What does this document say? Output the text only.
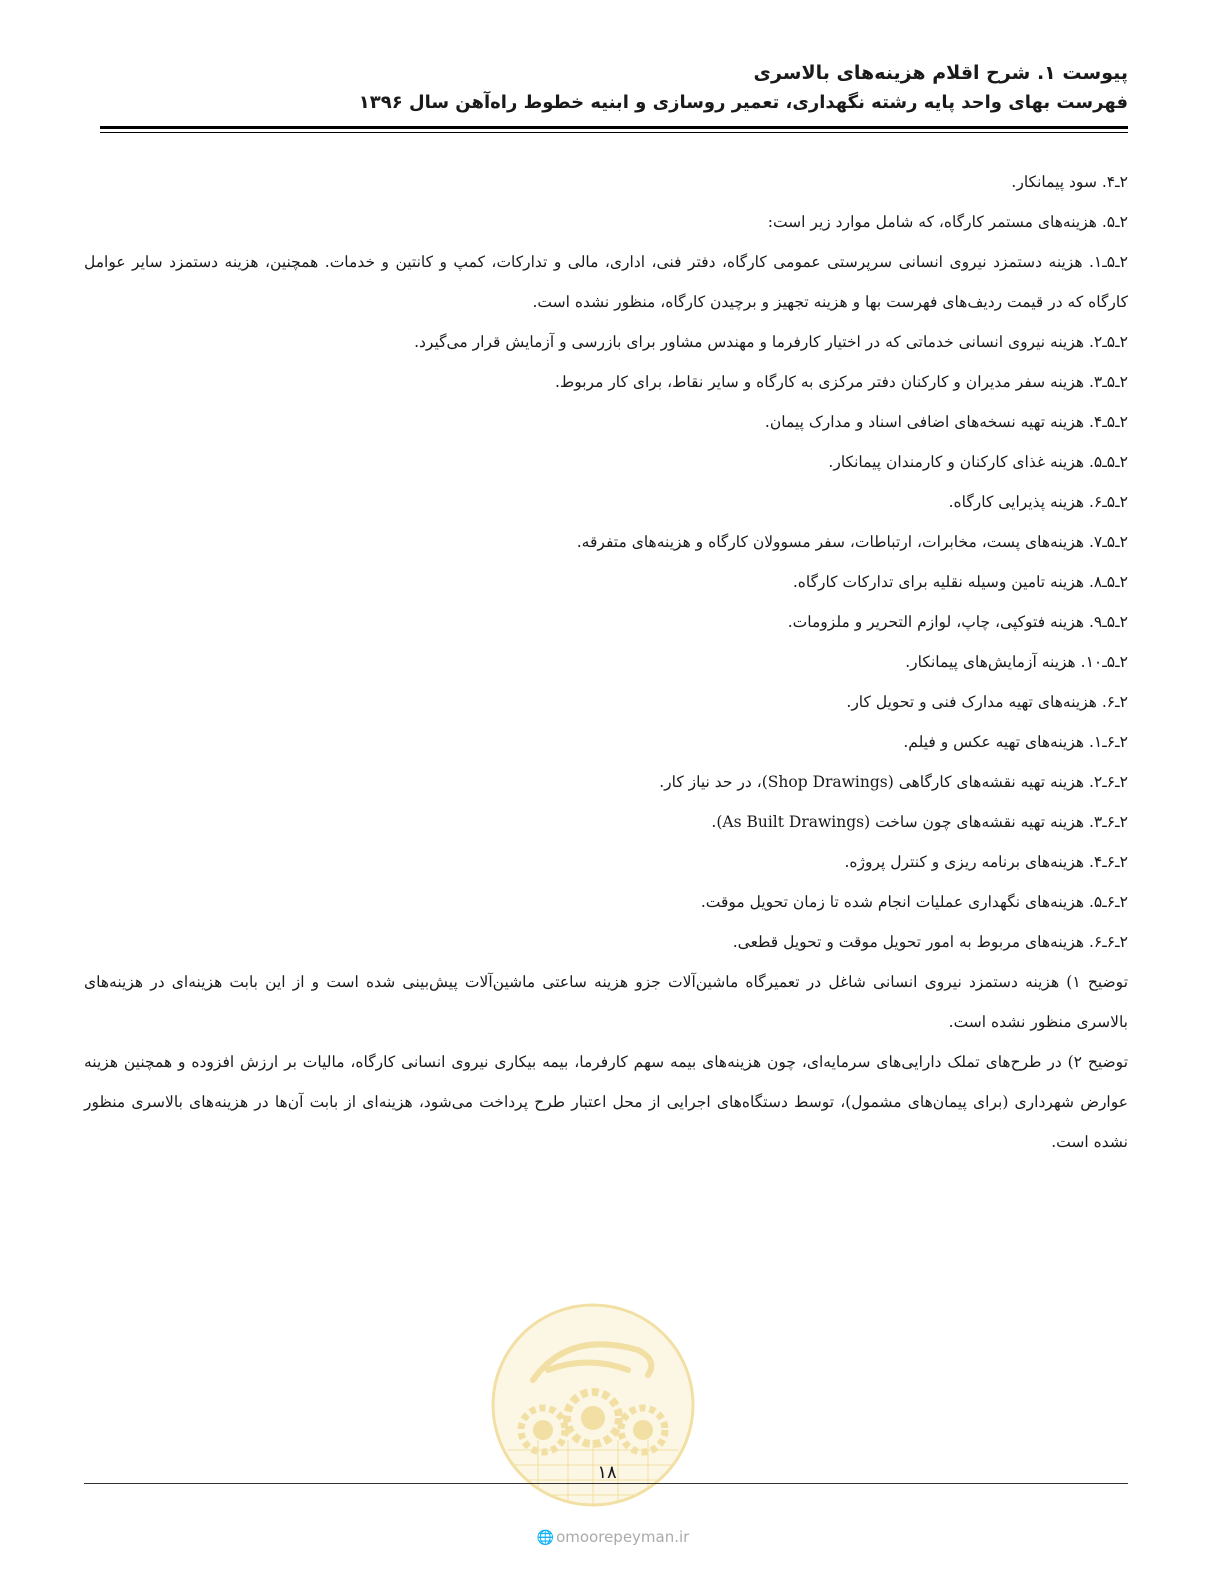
پیوست ۱. شرح اقلام هزینه‌های بالاسری
فهرست بهای واحد پایه رشته نگهداری، تعمیر روسازی و ابنیه خطوط راه‌آهن سال ۱۳۹۶
۲ـ۴. سود پیمانکار.
۲ـ۵. هزینه‌های مستمر کارگاه، که شامل موارد زیر است:
۲ـ۵ـ۱. هزینه دستمزد نیروی انسانی سرپرستی عمومی کارگاه، دفتر فنی، اداری، مالی و تدارکات، کمپ و کانتین و خدمات. همچنین، هزینه دستمزد سایر عوامل کارگاه که در قیمت ردیف‌های فهرست بها و هزینه تجهیز و برچیدن کارگاه، منظور نشده است.
۲ـ۵ـ۲. هزینه نیروی انسانی خدماتی که در اختیار کارفرما و مهندس مشاور برای بازرسی و آزمایش قرار می‌گیرد.
۲ـ۵ـ۳. هزینه سفر مدیران و کارکنان دفتر مرکزی به کارگاه و سایر نقاط، برای کار مربوط.
۲ـ۵ـ۴. هزینه تهیه نسخه‌های اضافی اسناد و مدارک پیمان.
۲ـ۵ـ۵. هزینه غذای کارکنان و کارمندان پیمانکار.
۲ـ۵ـ۶. هزینه پذیرایی کارگاه.
۲ـ۵ـ۷. هزینه‌های پست، مخابرات، ارتباطات، سفر مسوولان کارگاه و هزینه‌های متفرقه.
۲ـ۵ـ۸. هزینه تامین وسیله نقلیه برای تدارکات کارگاه.
۲ـ۵ـ۹. هزینه فتوکپی، چاپ، لوازم التحریر و ملزومات.
۲ـ۵ـ۱۰. هزینه آزمایش‌های پیمانکار.
۲ـ۶. هزینه‌های تهیه مدارک فنی و تحویل کار.
۲ـ۶ـ۱. هزینه‌های تهیه عکس و فیلم.
۲ـ۶ـ۲. هزینه تهیه نقشه‌های کارگاهی (Shop Drawings)، در حد نیاز کار.
۲ـ۶ـ۳. هزینه تهیه نقشه‌های چون ساخت (As Built Drawings).
۲ـ۶ـ۴. هزینه‌های برنامه ریزی و کنترل پروژه.
۲ـ۶ـ۵. هزینه‌های نگهداری عملیات انجام شده تا زمان تحویل موقت.
۲ـ۶ـ۶. هزینه‌های مربوط به امور تحویل موقت و تحویل قطعی.
توضیح ۱) هزینه دستمزد نیروی انسانی شاغل در تعمیرگاه ماشین‌آلات جزو هزینه ساعتی ماشین‌آلات پیش‌بینی شده است و از این بابت هزینه‌ای در هزینه‌های بالاسری منظور نشده است.
توضیح ۲) در طرح‌های تملک دارایی‌های سرمایه‌ای، چون هزینه‌های بیمه سهم کارفرما، بیمه بیکاری نیروی انسانی کارگاه، مالیات بر ارزش افزوده و همچنین هزینه عوارض شهرداری (برای پیمان‌های مشمول)، توسط دستگاه‌های اجرایی از محل اعتبار طرح پرداخت می‌شود، هزینه‌ای از بابت آن‌ها در هزینه‌های بالاسری منظور نشده است.
۱۸
🌐 omoorepeyman.ir
